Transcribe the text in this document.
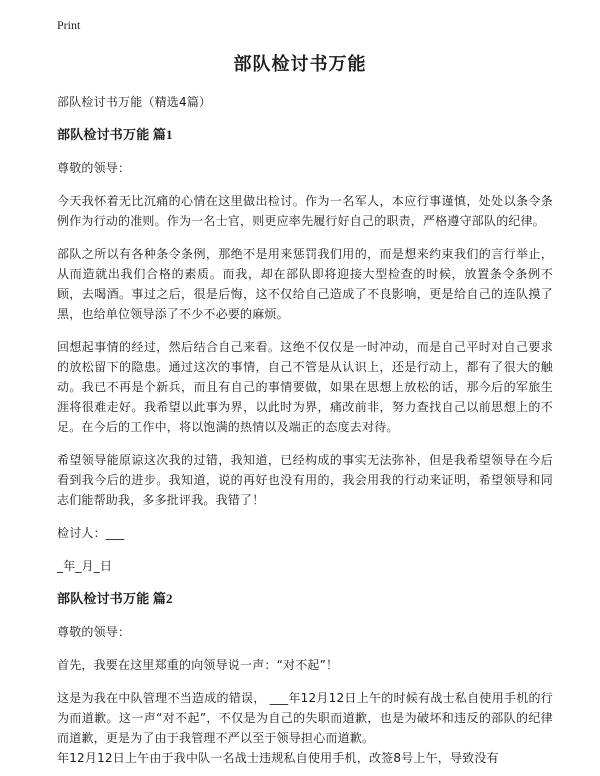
Print
部队检讨书万能

部队检讨书万能（精选4篇）

部队检讨书万能 篇1

尊敬的领导：

今天我怀着无比沉痛的心情在这里做出检讨。作为一名军人，本应行事谨慎，处处以条令条例作为行动的准则。作为一名士官，则更应率先履行好自己的职责，严格遵守部队的纪律。

部队之所以有各种条令条例，那绝不是用来惩罚我们用的，而是想来约束我们的言行举止，从而造就出我们合格的素质。而我，却在部队即将迎接大型检查的时候，放置条令条例不顾，去喝酒。事过之后，很是后悔，这不仅给自己造成了不良影响，更是给自己的连队摸了黑，也给单位领导添了不少不必要的麻烦。

回想起事情的经过，然后结合自己来看。这绝不仅仅是一时冲动，而是自己平时对自己要求的放松留下的隐患。通过这次的事情，自己不管是从认识上，还是行动上，都有了很大的触动。我已不再是个新兵，而且有自己的事情要做，如果在思想上放松的话，那今后的军旅生涯将很难走好。我希望以此事为界，以此时为界，痛改前非，努力查找自己以前思想上的不足。在今后的工作中，将以饱满的热情以及端正的态度去对待。

希望领导能原谅这次我的过错，我知道，已经构成的事实无法弥补，但是我希望领导在今后看到我今后的进步。我知道，说的再好也没有用的，我会用我的行动来证明，希望领导和同志们能帮助我，多多批评我。我错了！

检讨人：___

_年_月_日

部队检讨书万能 篇2

尊敬的领导：

首先，我要在这里郑重的向领导说一声：“对不起”！

这是为我在中队管理不当造成的错误， ___年12月12日上午的时候有战士私自使用手机的行为而道歉。这一声“对不起”，不仅是为自己的失职而道歉，也是为破坏和违反的部队的纪律而道歉，更是为了由于我管理不严以至于领导担心而道歉。

年12月12日上午由于我中队一名战士违规私自使用手机，改签8号上午，导致没有
